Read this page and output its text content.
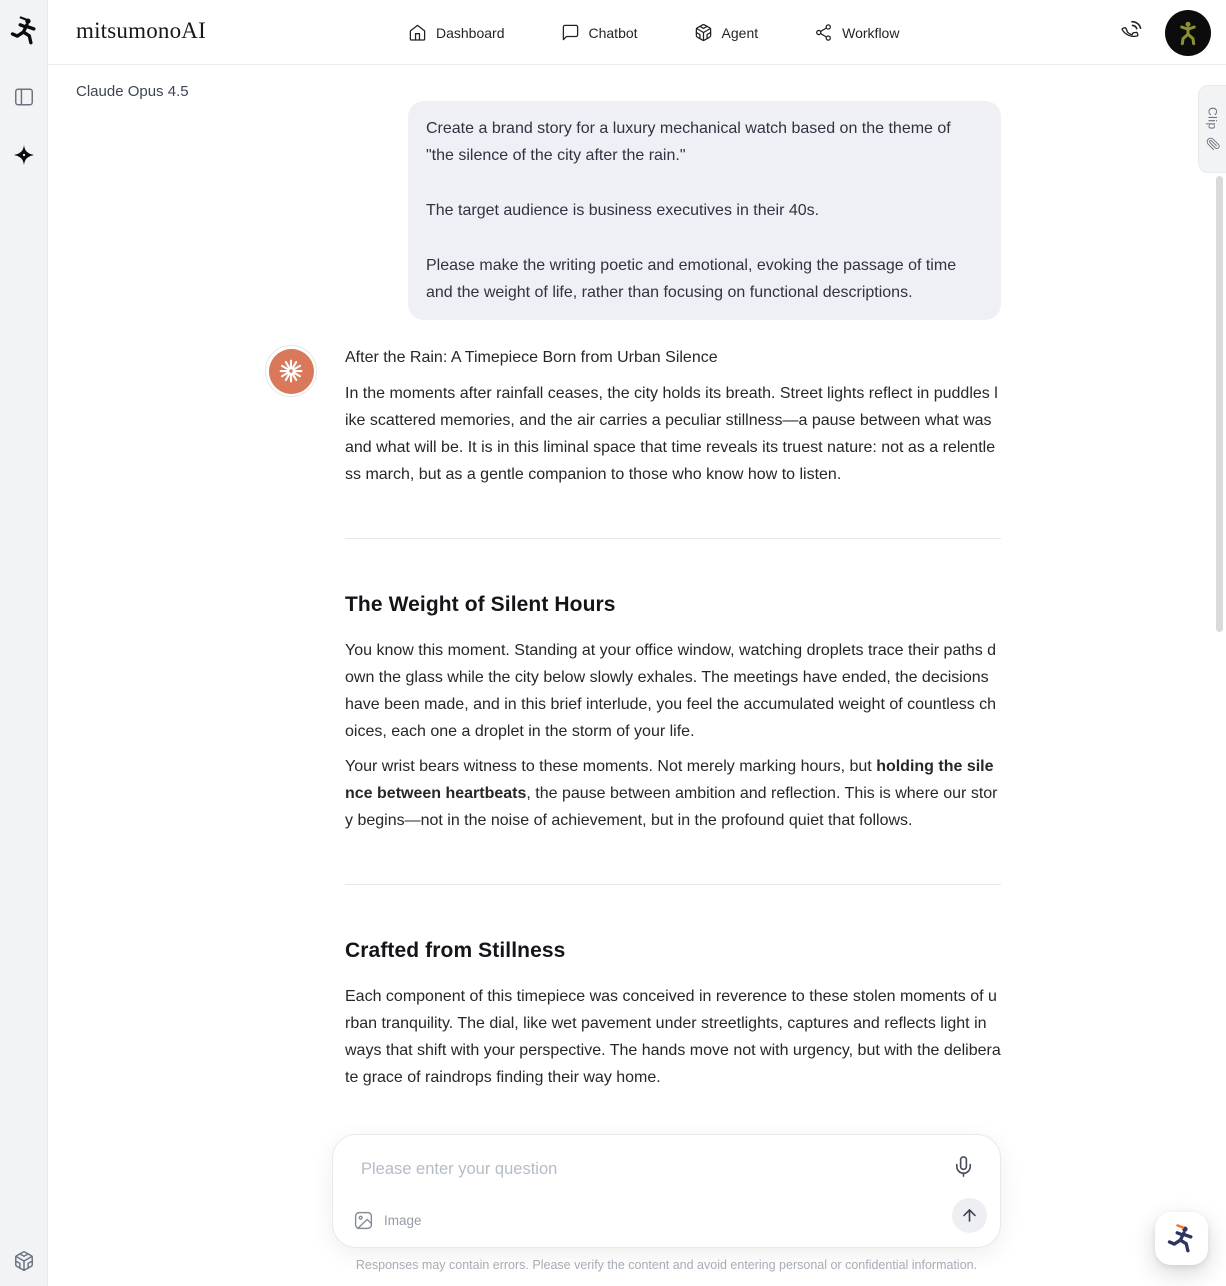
mitsumonoAI	Dashboard	Chatbot	Agent	Workflow
Claude Opus 4.5
Clip

Create a brand story for a luxury mechanical watch based on the theme of "the silence of the city after the rain."

The target audience is business executives in their 40s.

Please make the writing poetic and emotional, evoking the passage of time and the weight of life, rather than focusing on functional descriptions.

After the Rain: A Timepiece Born from Urban Silence

In the moments after rainfall ceases, the city holds its breath. Street lights reflect in puddles like scattered memories, and the air carries a peculiar stillness—a pause between what was and what will be. It is in this liminal space that time reveals its truest nature: not as a relentless march, but as a gentle companion to those who know how to listen.

The Weight of Silent Hours

You know this moment. Standing at your office window, watching droplets trace their paths down the glass while the city below slowly exhales. The meetings have ended, the decisions have been made, and in this brief interlude, you feel the accumulated weight of countless choices, each one a droplet in the storm of your life.

Your wrist bears witness to these moments. Not merely marking hours, but holding the silence between heartbeats, the pause between ambition and reflection. This is where our story begins—not in the noise of achievement, but in the profound quiet that follows.

Crafted from Stillness

Each component of this timepiece was conceived in reverence to these stolen moments of urban tranquility. The dial, like wet pavement under streetlights, captures and reflects light in ways that shift with your perspective. The hands move not with urgency, but with the deliberate grace of raindrops finding their way home.

Please enter your question
Image
Responses may contain errors. Please verify the content and avoid entering personal or confidential information.
